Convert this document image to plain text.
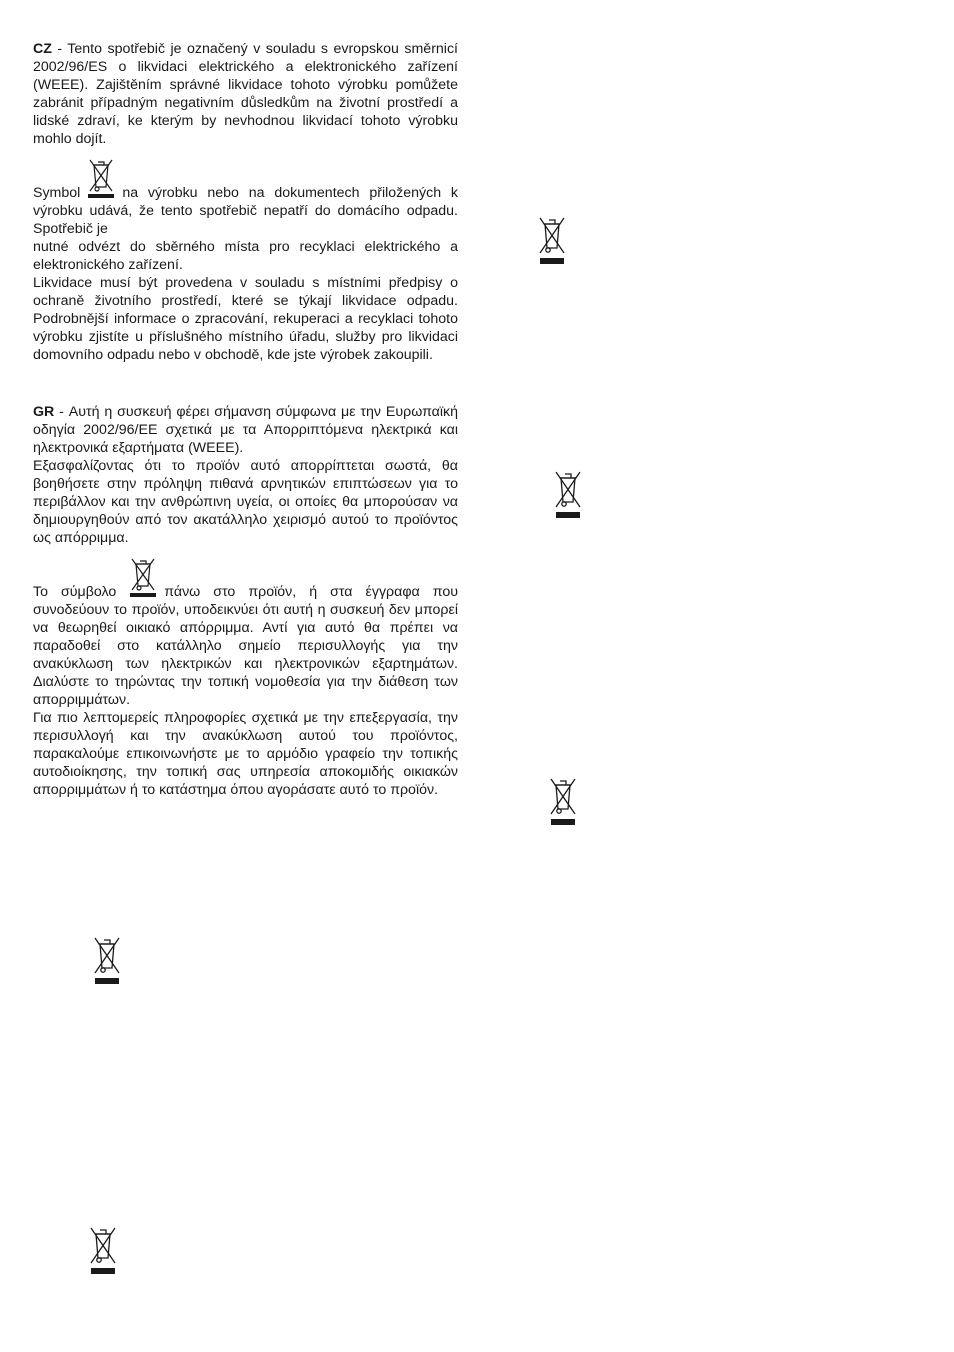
CZ - Tento spotřebič je označený v souladu s evropskou směrnicí 2002/96/ES o likvidaci elektrického a elektronického zařízení (WEEE). Zajištěním správné likvidace tohoto výrobku pomůžete zabránit případným negativním důsledkům na životní prostředí a lidské zdraví, ke kterým by nevhodnou likvidací tohoto výrobku mohlo dojít.

Symbol	na výrobku nebo na dokumentech přiložených k výrobku udává, že tento spotřebič nepatří do domácího odpadu. Spotřebič je

nutné odvézt do sběrného místa pro recyklaci elektrického a elektronického zařízení.

Likvidace musí být provedena v souladu s místními předpisy o ochraně životního prostředí, které se týkají likvidace odpadu. Podrobnější informace o zpracování, rekuperaci a recyklaci tohoto výrobku zjistíte u příslušného místního úřadu, služby pro likvidaci domovního odpadu nebo v obchodě, kde jste výrobek zakoupili.

GR - Αυτή η συσκευή φέρει σήμανση σύμφωνα με την Ευρωπαϊκή οδηγία 2002/96/ΕΕ σχετικά με τα Απορριπτόμενα ηλεκτρικά και ηλεκτρονικά εξαρτήματα (WEEE).

Εξασφαλίζοντας ότι το προϊόν αυτό απορρίπτεται σωστά, θα βοηθήσετε στην πρόληψη πιθανά αρνητικών επιπτώσεων για το περιβάλλον και την ανθρώπινη υγεία, οι οποίες θα μπορούσαν να δημιουργηθούν από τον ακατάλληλο χειρισμό αυτού το προϊόντος ως απόρριμμα.

Το σύμβολο	πάνω στο προϊόν, ή στα έγγραφα που συνοδεύουν το προϊόν, υποδεικνύει ότι αυτή η συσκευή δεν μπορεί να θεωρηθεί οικιακό απόρριμμα. Αντί για αυτό θα πρέπει να παραδοθεί στο κατάλληλο σημείο περισυλλογής για την ανακύκλωση των ηλεκτρικών και ηλεκτρονικών εξαρτημάτων. Διαλύστε το τηρώντας την τοπική νομοθεσία για την διάθεση των απορριμμάτων.

Για πιο λεπτομερείς πληροφορίες σχετικά με την επεξεργασία, την περισυλλογή και την ανακύκλωση αυτού του προϊόντος, παρακαλούμε επικοινωνήστε με το αρμόδιο γραφείο την τοπικής αυτοδιοίκησης, την τοπική σας υπηρεσία αποκομιδής οικιακών απορριμμάτων ή το κατάστημα όπου αγοράσατε αυτό το προϊόν.
